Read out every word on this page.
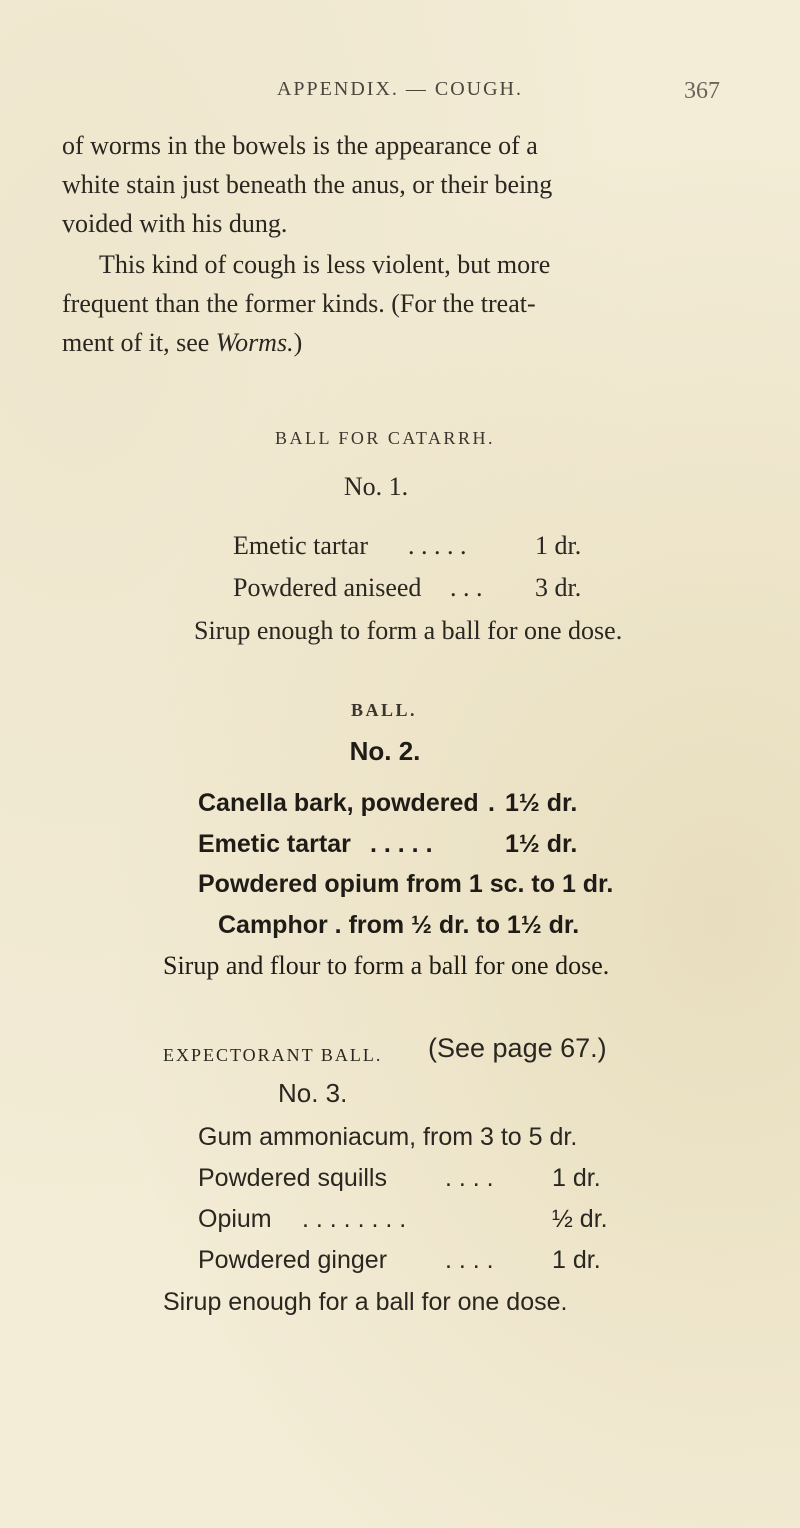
APPENDIX. — COUGH.	367
of worms in the bowels is the appearance of a
white stain just beneath the anus, or their being
voided with his dung.
This kind of cough is less violent, but more
frequent than the former kinds. (For the treat-
ment of it, see Worms.)
BALL FOR CATARRH.
No. 1.
Emetic tartar . . . . .	1 dr.
Powdered aniseed . . . 3 dr.
Sirup enough to form a ball for one dose.
BALL.
No. 2.
Canella bark, powdered . 1½ dr.
Emetic tartar . . . . .	1½ dr.
Powdered opium from 1 sc. to 1 dr.
Camphor . from ½ dr. to 1½ dr.
Sirup and flour to form a ball for one dose.
EXPECTORANT BALL. (See page 67.)
No. 3.
Gum ammoniacum, from 3 to 5 dr.
Powdered squills . . . . 1 dr.
Opium . . . . . . . .	½ dr.
Powdered ginger . . . . 1 dr.
Sirup enough for a ball for one dose.
